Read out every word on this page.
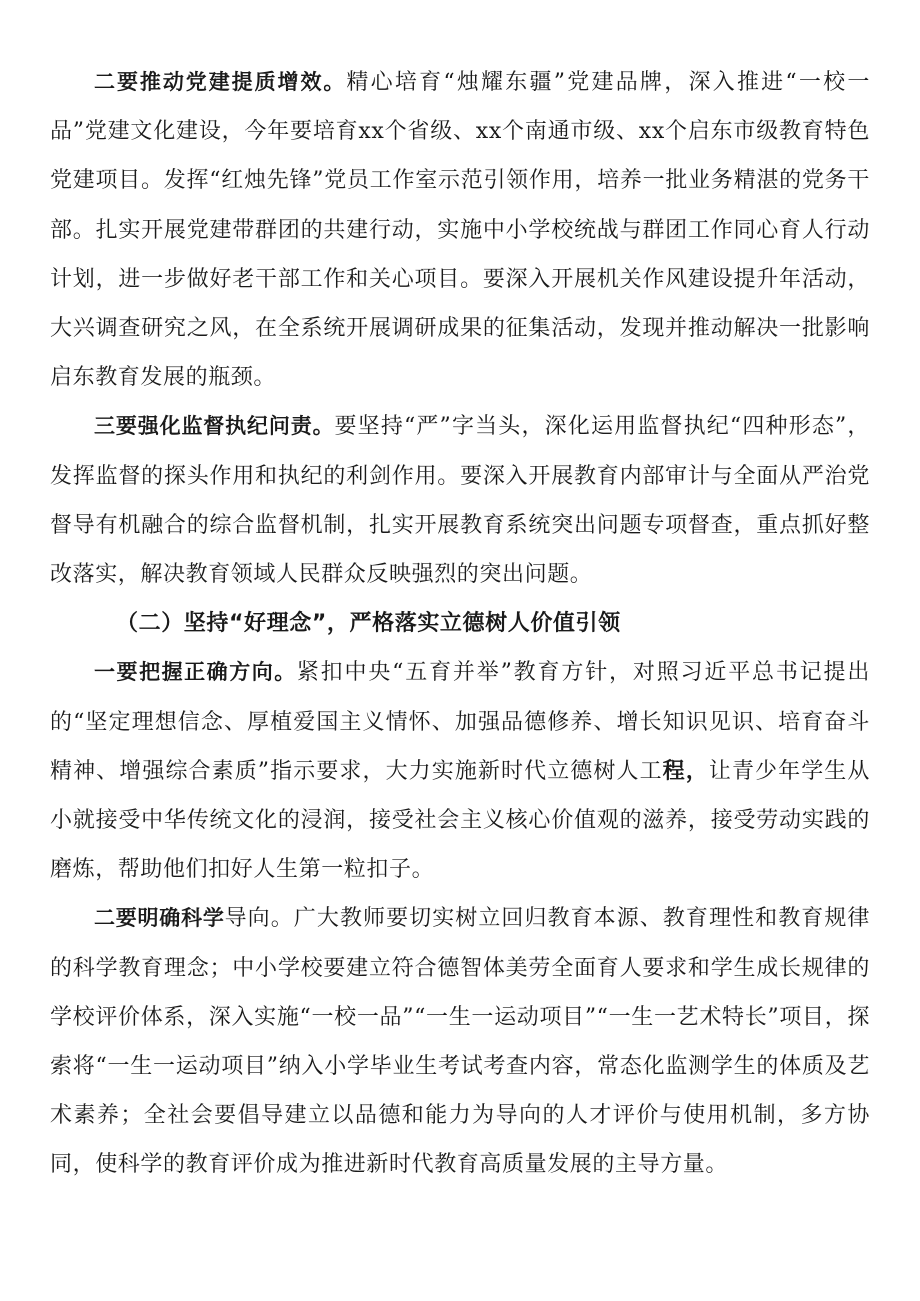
二要推动党建提质增效。精心培育“烛耀东疆”党建品牌，深入推进“一校一品”党建文化建设，今年要培育xx个省级、xx个南通市级、xx个启东市级教育特色党建项目。发挥“红烛先锋”党员工作室示范引领作用，培养一批业务精湛的党务干部。扎实开展党建带群团的共建行动，实施中小学校统战与群团工作同心育人行动计划，进一步做好老干部工作和关心项目。要深入开展机关作风建设提升年活动，大兴调查研究之风，在全系统开展调研成果的征集活动，发现并推动解决一批影响启东教育发展的瓶颈。

三要强化监督执纪问责。要坚持“严”字当头，深化运用监督执纪“四种形态”，发挥监督的探头作用和执纪的利剑作用。要深入开展教育内部审计与全面从严治党督导有机融合的综合监督机制，扎实开展教育系统突出问题专项督查，重点抓好整改落实，解决教育领域人民群众反映强烈的突出问题。

（二）坚持“好理念”，严格落实立德树人价值引领

一要把握正确方向。紧扣中央“五育并举”教育方针，对照习近平总书记提出的“坚定理想信念、厚植爱国主义情怀、加强品德修养、增长知识见识、培育奋斗精神、增强综合素质”指示要求，大力实施新时代立德树人工程，让青少年学生从小就接受中华传统文化的浸润，接受社会主义核心价值观的滋养，接受劳动实践的磨炼，帮助他们扣好人生第一粒扣子。

二要明确科学导向。广大教师要切实树立回归教育本源、教育理性和教育规律的科学教育理念；中小学校要建立符合德智体美劳全面育人要求和学生成长规律的学校评价体系，深入实施“一校一品”“一生一运动项目”“一生一艺术特长”项目，探索将“一生一运动项目”纳入小学毕业生考试考查内容，常态化监测学生的体质及艺术素养；全社会要倡导建立以品德和能力为导向的人才评价与使用机制，多方协同，使科学的教育评价成为推进新时代教育高质量发展的主导方量。
